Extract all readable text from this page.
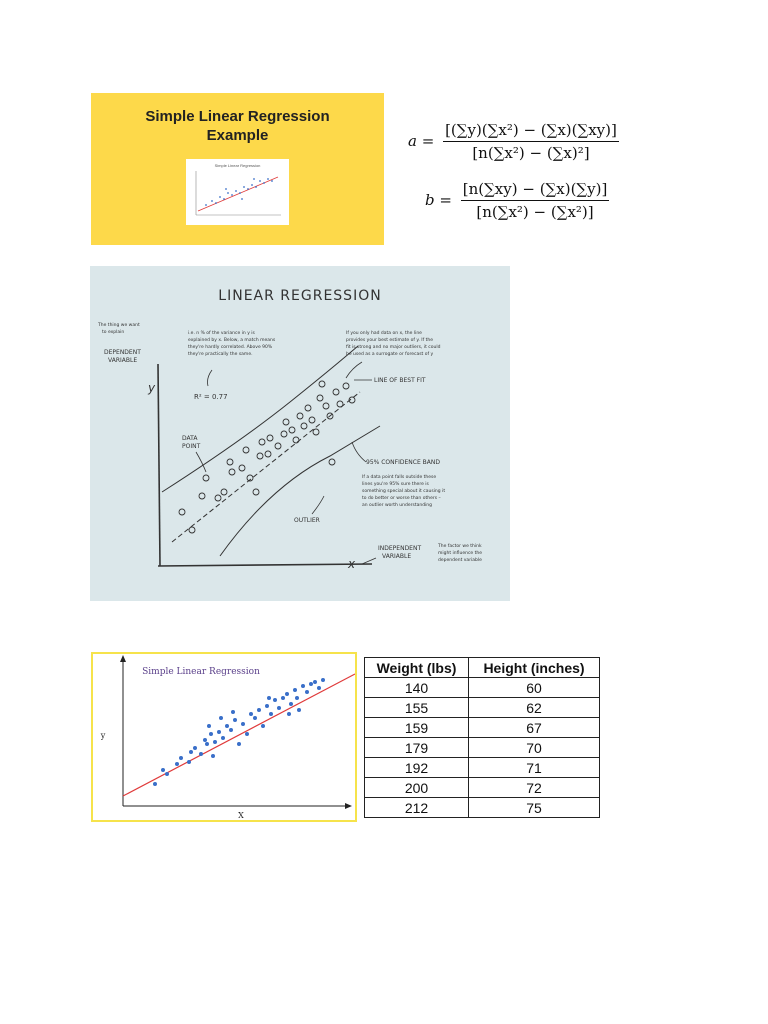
Simple Linear Regression
Example
Simple Linear Regression
$a = \frac{\text{[(∑y)(∑x²) − (∑x)(∑xy)]}}{\text{[n(∑x²) − (∑x)²]}}$
$b = \frac{[n(\sum xy) - (\sum x)(\sum y)]}{\text{[n(∑x²) − (∑x²)]}}$
LINEAR REGRESSION
y
x
The thing we want
to explain
DEPENDENT
VARIABLE
i.e. n % of the variance in y is
explained by x. Below, a match means
they're hardly correlated. Above 90%
they're practically the same.
R² = 0.77
If you only had data on x, the line
provides your best estimate of y. If the
fit is strong and no major outliers, it could
be used as a surrogate or forecast of y
LINE OF BEST FIT
DATA
POINT
95% CONFIDENCE BAND
If a data point falls outside these
lines you're 95% sure there is
something special about it causing it
to do better or worse than others –
an outlier worth understanding
OUTLIER
INDEPENDENT
VARIABLE
The factor we think
might influence the
dependent variable
Simple Linear Regression
X
y
Weight (lbs)	Height (inches)
140	60
155	62
159	67
179	70
192	71
200	72
212	75
